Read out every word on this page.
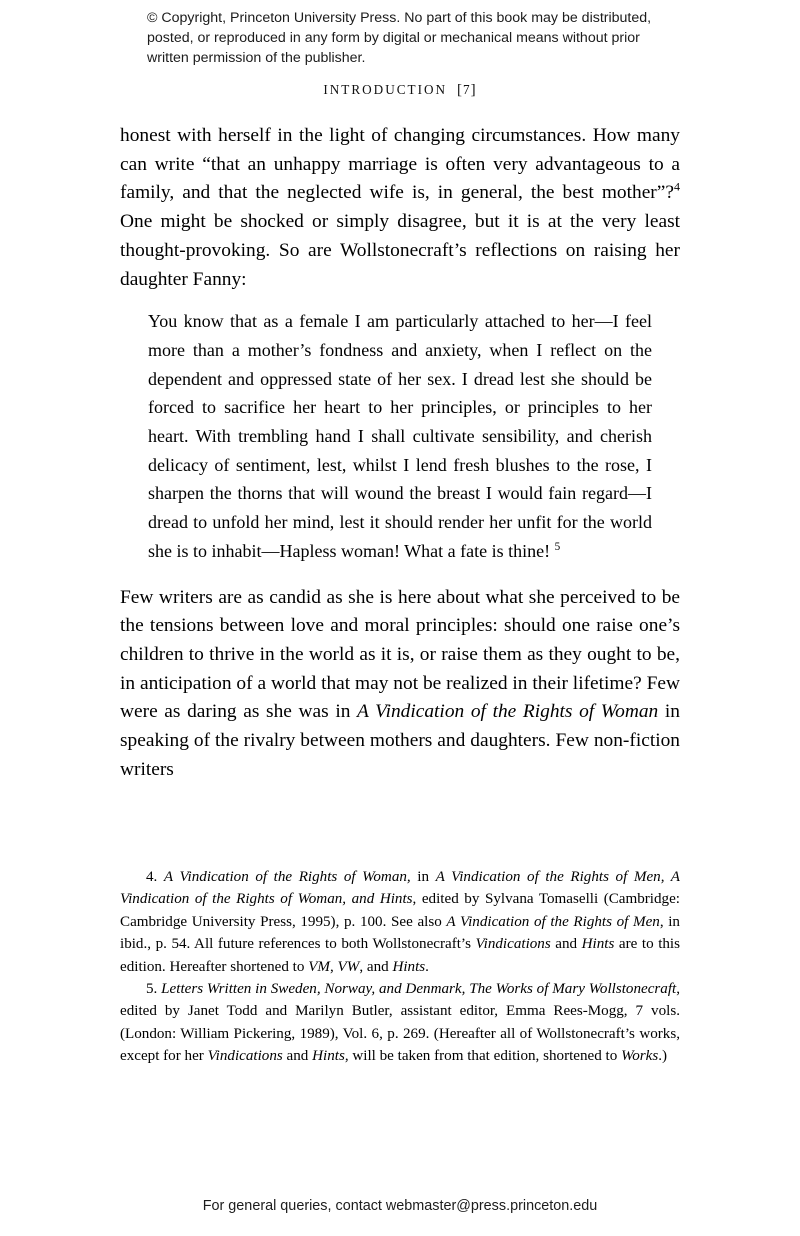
© Copyright, Princeton University Press. No part of this book may be distributed, posted, or reproduced in any form by digital or mechanical means without prior written permission of the publisher.
INTRODUCTION [7]

honest with herself in the light of changing circumstances. How many can write “that an unhappy marriage is often very advantageous to a family, and that the neglected wife is, in general, the best mother”?$^4$ One might be shocked or simply disagree, but it is at the very least thought-provoking. So are Wollstonecraft’s reflections on raising her daughter Fanny:

You know that as a female I am particularly attached to her—I feel more than a mother’s fondness and anxiety, when I reflect on the dependent and oppressed state of her sex. I dread lest she should be forced to sacrifice her heart to her principles, or principles to her heart. With trembling hand I shall cultivate sensibility, and cherish delicacy of sentiment, lest, whilst I lend fresh blushes to the rose, I sharpen the thorns that will wound the breast I would fain regard—I dread to unfold her mind, lest it should render her unfit for the world she is to inhabit—Hapless woman! What a fate is thine! $^5$

Few writers are as candid as she is here about what she perceived to be the tensions between love and moral principles: should one raise one’s children to thrive in the world as it is, or raise them as they ought to be, in anticipation of a world that may not be realized in their lifetime? Few were as daring as she was in A Vindication of the Rights of Woman in speaking of the rivalry between mothers and daughters. Few non-fiction writers

4. A Vindication of the Rights of Woman, in A Vindication of the Rights of Men, A Vindication of the Rights of Woman, and Hints, edited by Sylvana Tomaselli (Cambridge: Cambridge University Press, 1995), p. 100. See also A Vindication of the Rights of Men, in ibid., p. 54. All future references to both Wollstonecraft’s Vindications and Hints are to this edition. Hereafter shortened to VM, VW, and Hints.

5. Letters Written in Sweden, Norway, and Denmark, The Works of Mary Wollstonecraft, edited by Janet Todd and Marilyn Butler, assistant editor, Emma Rees-Mogg, 7 vols. (London: William Pickering, 1989), Vol. 6, p. 269. (Hereafter all of Wollstonecraft’s works, except for her Vindications and Hints, will be taken from that edition, shortened to Works.)

For general queries, contact webmaster@press.princeton.edu
